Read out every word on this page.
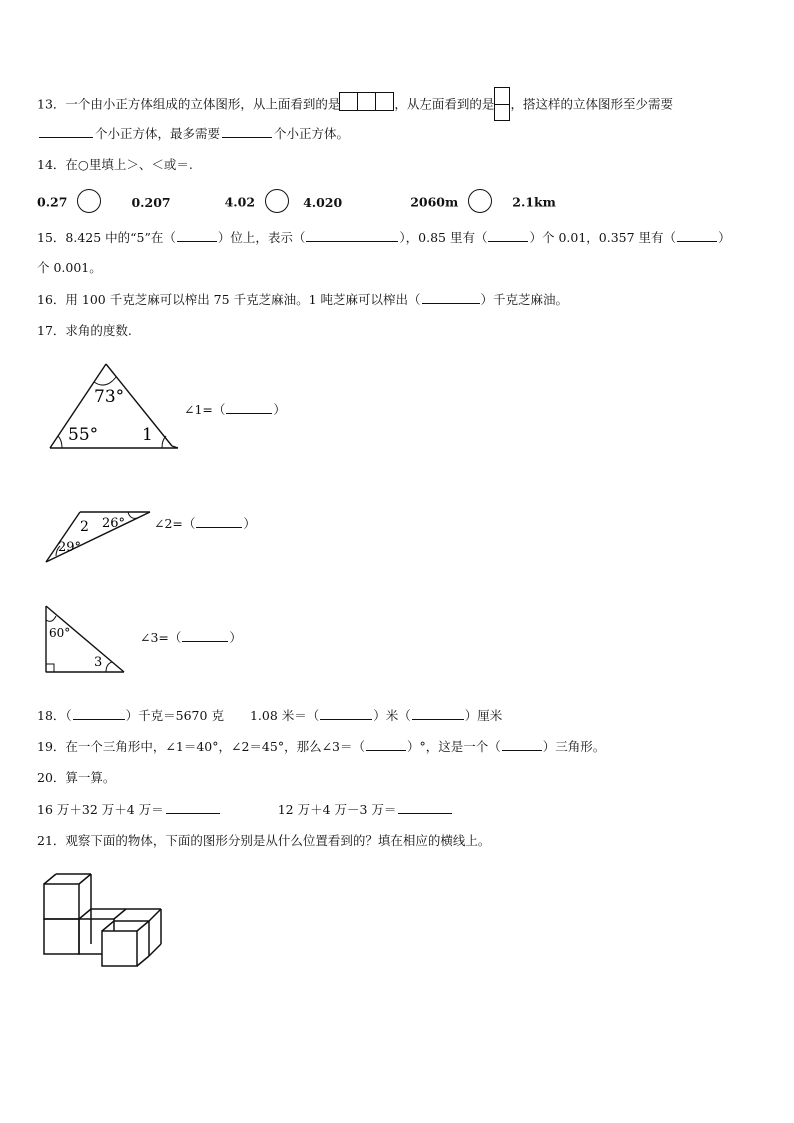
13．一个由小正方体组成的立体图形，从上面看到的是	，从左面看到的是 ，搭这样的立体图形至少需要
个小正方体，最多需要	个小正方体。
14．在○里填上＞、＜或＝.
0.27	0.207	4.02	4.020	2060m	2.1km
15．8.425 中的“5”在（	）位上，表示（	），0.85 里有（	）个 0.01，0.357 里有（	）
个 0.001。
16．用 100 千克芝麻可以榨出 75 千克芝麻油。1 吨芝麻可以榨出（	）千克芝麻油。
17．求角的度数.
73°
55°	1
∠1=（	）
2 26°
29°
∠2=（	）
60°
3
∠3=（	）
18．（	）千克＝5670 克 1.08 米＝（	）米（	）厘米
19．在一个三角形中，∠1＝40°，∠2＝45°，那么∠3＝（	）°，这是一个（	）三角形。
20．算一算。
16 万＋32 万＋4 万＝	12 万＋4 万－3 万＝
21．观察下面的物体，下面的图形分别是从什么位置看到的？填在相应的横线上。
